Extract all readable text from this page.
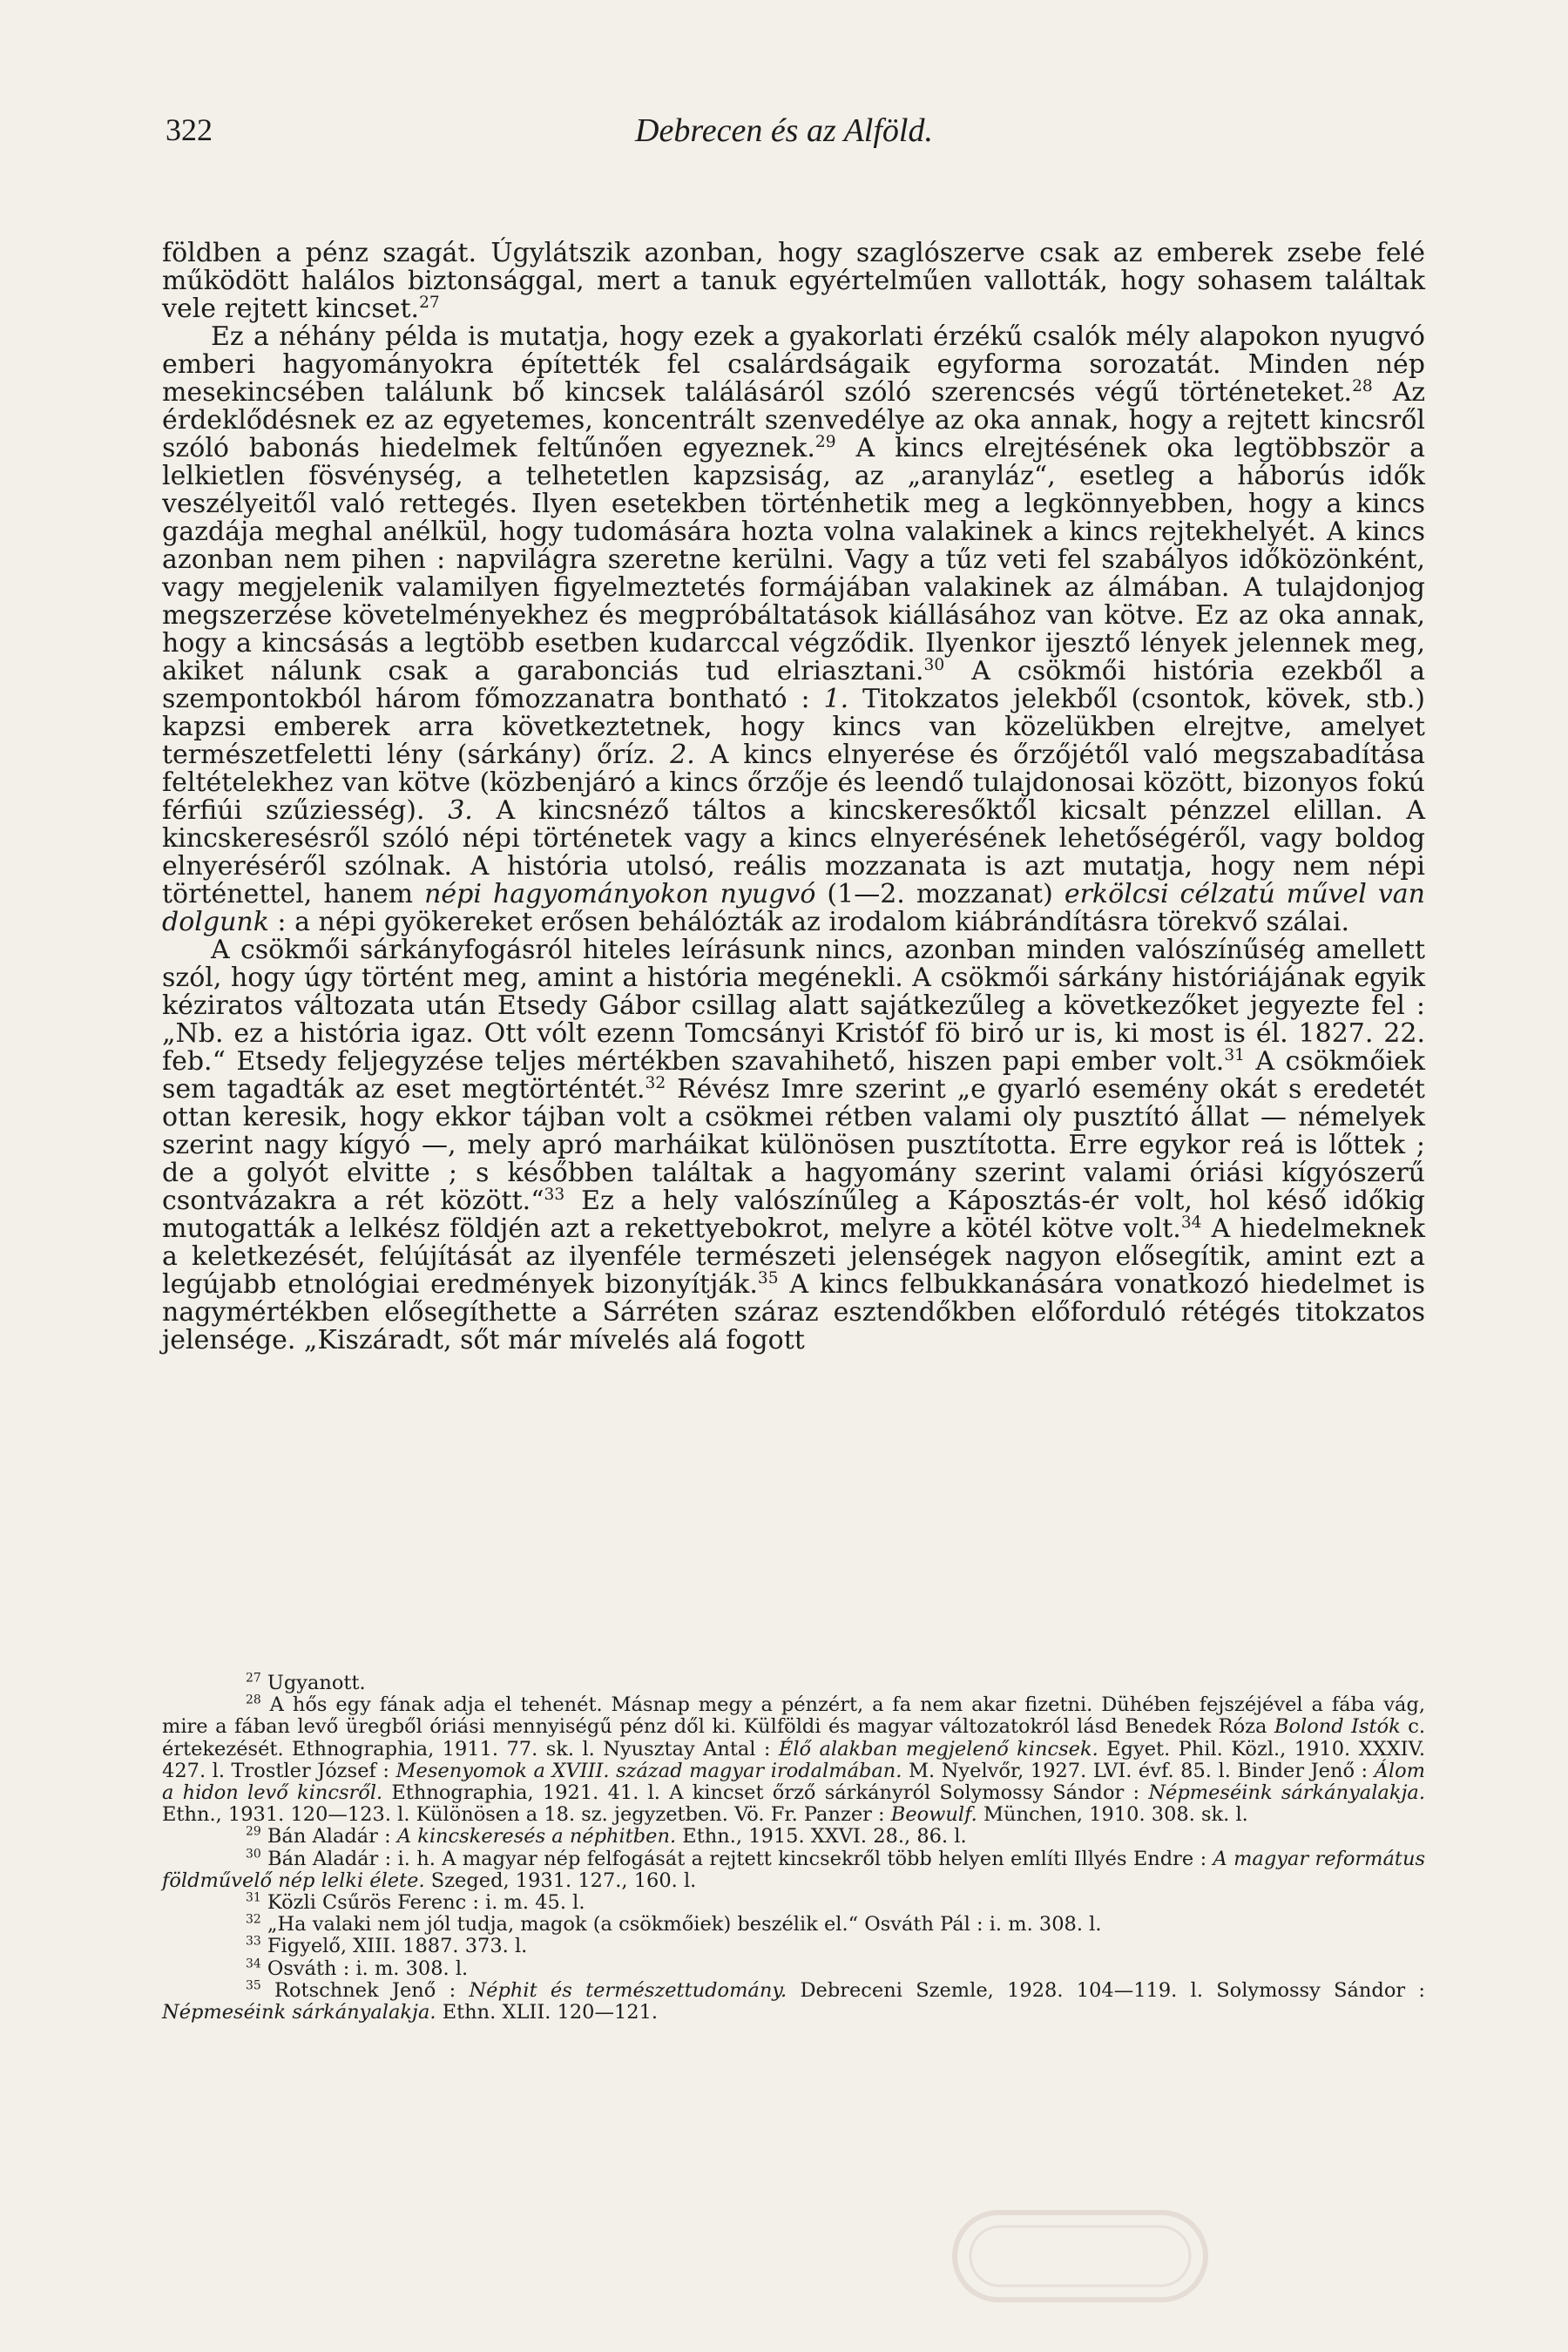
322	Debrecen és az Alföld.

földben a pénz szagát. Úgylátszik azonban, hogy szaglószerve csak az emberek zsebe felé működött halálos biztonsággal, mert a tanuk egyértelműen vallották, hogy sohasem találtak vele rejtett kincset.$^{27}$

Ez a néhány példa is mutatja, hogy ezek a gyakorlati érzékű csalók mély alapokon nyugvó emberi hagyományokra építették fel csalárdságaik egyforma sorozatát. Minden nép mesekincsében találunk bő kincsek találásáról szóló szerencsés végű történeteket.$^{28}$ Az érdeklődésnek ez az egyetemes, koncentrált szenvedélye az oka annak, hogy a rejtett kincsről szóló babonás hiedelmek feltűnően egyeznek.$^{29}$ A kincs elrejtésének oka legtöbbször a lelkietlen fösvénység, a telhetetlen kapzsiság, az „aranyláz“, esetleg a háborús idők veszélyeitől való rettegés. Ilyen esetekben történhetik meg a legkönnyebben, hogy a kincs gazdája meghal anélkül, hogy tudomására hozta volna valakinek a kincs rejtekhelyét. A kincs azonban nem pihen : napvilágra szeretne kerülni. Vagy a tűz veti fel szabályos időközönként, vagy megjelenik valamilyen figyelmeztetés formájában valakinek az álmában. A tulajdonjog megszerzése követelményekhez és megpróbáltatások kiállásához van kötve. Ez az oka annak, hogy a kincsásás a legtöbb esetben kudarccal végződik. Ilyenkor ijesztő lények jelennek meg, akiket nálunk csak a garabonciás tud elriasztani.$^{30}$ A csökmői história ezekből a szempontokból három főmozzanatra bontható : 1. Titokzatos jelekből (csontok, kövek, stb.) kapzsi emberek arra következtetnek, hogy kincs van közelükben elrejtve, amelyet természetfeletti lény (sárkány) őríz. 2. A kincs elnyerése és őrzőjétől való megszabadítása feltételekhez van kötve (közbenjáró a kincs őrzője és leendő tulajdonosai között, bizonyos fokú férfiúi szűziesség). 3. A kincsnéző táltos a kincskeresőktől kicsalt pénzzel elillan. A kincskeresésről szóló népi történetek vagy a kincs elnyerésének lehetőségéről, vagy boldog elnyeréséről szólnak. A história utolsó, reális mozzanata is azt mutatja, hogy nem népi történettel, hanem népi hagyományokon nyugvó (1—2. mozzanat) erkölcsi célzatú művel van dolgunk : a népi gyökereket erősen behálózták az irodalom kiábrándításra törekvő szálai.

A csökmői sárkányfogásról hiteles leírásunk nincs, azonban minden valószínűség amellett szól, hogy úgy történt meg, amint a história megénekli. A csökmői sárkány históriájának egyik kéziratos változata után Etsedy Gábor csillag alatt sajátkezűleg a következőket jegyezte fel : „Nb. ez a história igaz. Ott vólt ezenn Tomcsányi Kristóf fö biró ur is, ki most is él. 1827. 22. feb.“ Etsedy feljegyzése teljes mértékben szavahihető, hiszen papi ember volt.$^{31}$ A csökmőiek sem tagadták az eset megtörténtét.$^{32}$ Révész Imre szerint „e gyarló esemény okát s eredetét ottan keresik, hogy ekkor tájban volt a csökmei rétben valami oly pusztító állat — némelyek szerint nagy kígyó —, mely apró marháikat különösen pusztította. Erre egykor reá is lőttek ; de a golyót elvitte ; s későbben találtak a hagyomány szerint valami óriási kígyószerű csontvázakra a rét között.“$^{33}$ Ez a hely valószínűleg a Káposztás-ér volt, hol késő időkig mutogatták a lelkész földjén azt a rekettyebokrot, melyre a kötél kötve volt.$^{34}$ A hiedelmeknek a keletkezését, felújítását az ilyenféle természeti jelenségek nagyon elősegítik, amint ezt a legújabb etnológiai eredmények bizonyítják.$^{35}$ A kincs felbukkanására vonatkozó hiedelmet is nagymértékben elősegíthette a Sárréten száraz esztendőkben előforduló rétégés titokzatos jelensége. „Kiszáradt, sőt már mívelés alá fogott

$^{27}$ Ugyanott.

$^{28}$ A hős egy fának adja el tehenét. Másnap megy a pénzért, a fa nem akar fizetni. Dühében fejszéjével a fába vág, mire a fában levő üregből óriási mennyiségű pénz dől ki. Külföldi és magyar változatokról lásd Benedek Róza Bolond Istók c. értekezését. Ethnographia, 1911. 77. sk. l. Nyusztay Antal : Élő alakban megjelenő kincsek. Egyet. Phil. Közl., 1910. XXXIV. 427. l. Trostler József : Mesenyomok a XVIII. század magyar irodalmában. M. Nyelvőr, 1927. LVI. évf. 85. l. Binder Jenő : Álom a hidon levő kincsről. Ethnographia, 1921. 41. l. A kincset őrző sárkányról Solymossy Sándor : Népmeséink sárkányalakja. Ethn., 1931. 120—123. l. Különösen a 18. sz. jegyzetben. Vö. Fr. Panzer : Beowulf. München, 1910. 308. sk. l.

$^{29}$ Bán Aladár : A kincskeresés a néphitben. Ethn., 1915. XXVI. 28., 86. l.

$^{30}$ Bán Aladár : i. h. A magyar nép felfogását a rejtett kincsekről több helyen említi Illyés Endre : A magyar református földművelő nép lelki élete. Szeged, 1931. 127., 160. l.

$^{31}$ Közli Csűrös Ferenc : i. m. 45. l.

$^{32}$ „Ha valaki nem jól tudja, magok (a csökmőiek) beszélik el.“ Osváth Pál : i. m. 308. l.

$^{33}$ Figyelő, XIII. 1887. 373. l.

$^{34}$ Osváth : i. m. 308. l.

$^{35}$ Rotschnek Jenő : Néphit és természettudomány. Debreceni Szemle, 1928. 104—119. l. Solymossy Sándor : Népmeséink sárkányalakja. Ethn. XLII. 120—121.
